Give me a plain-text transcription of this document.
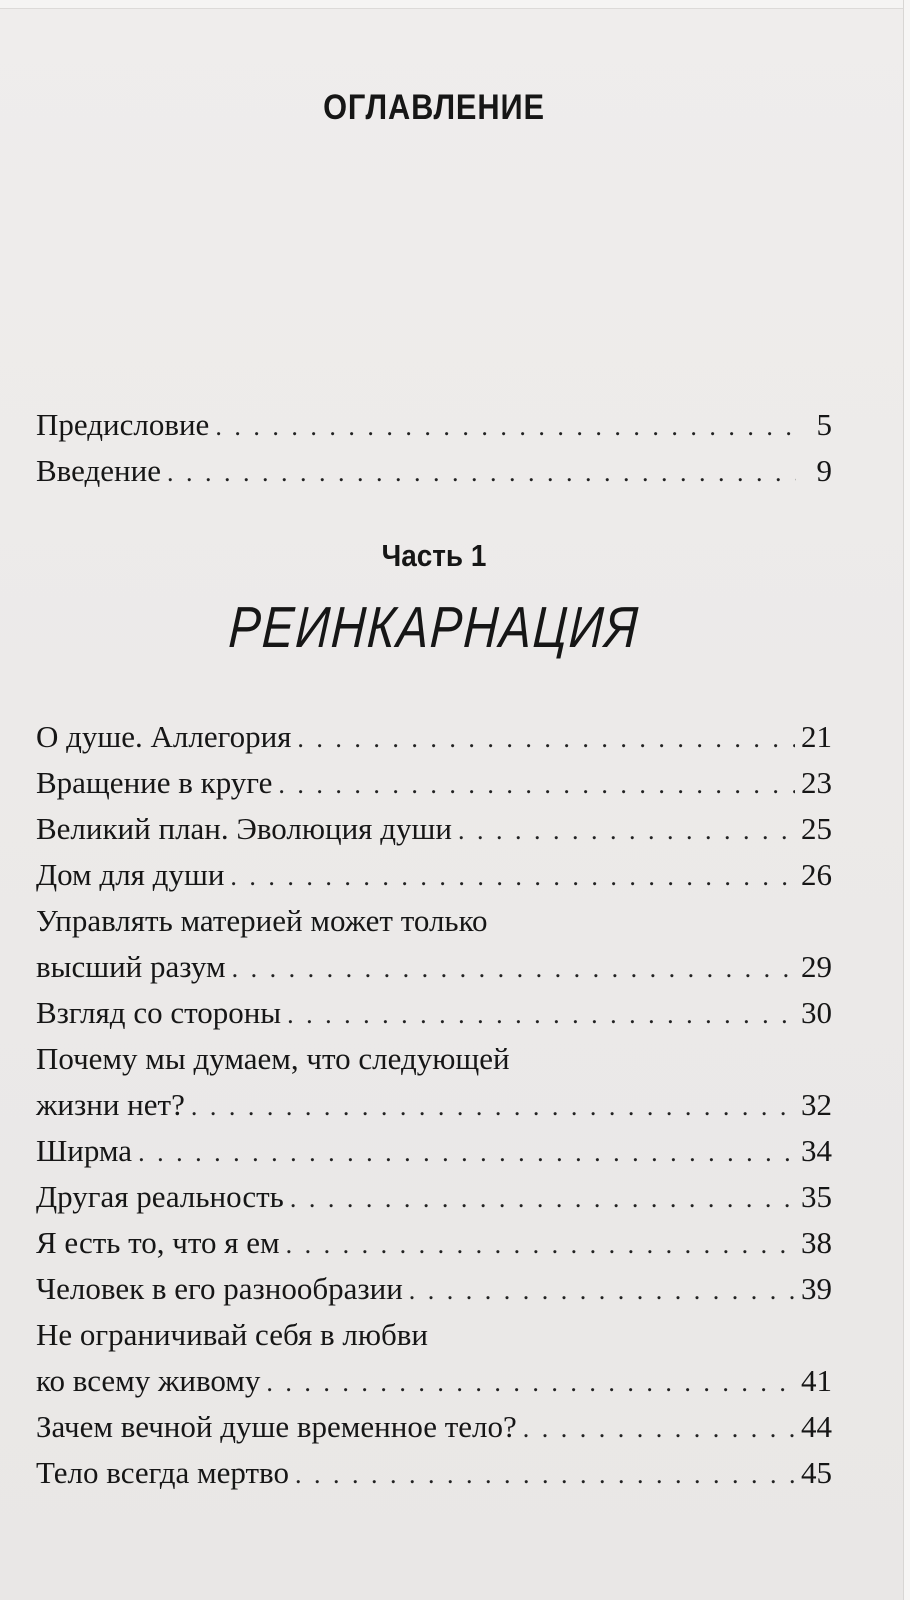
ОГЛАВЛЕНИЕ
Предисловие . . .	5
Введение . . .	9
Часть 1
РЕИНКАРНАЦИЯ
О душе. Аллегория . . .	21
Вращение в круге . . .	23
Великий план. Эволюция души . . .	25
Дом для души . . .	26
Управлять материей может только
высший разум . . .	29
Взгляд со стороны . . .	30
Почему мы думаем, что следующей
жизни нет? . . .	32
Ширма . . .	34
Другая реальность . . .	35
Я есть то, что я ем . . .	38
Человек в его разнообразии . . .	39
Не ограничивай себя в любви
ко всему живому . . .	41
Зачем вечной душе временное тело? . . .	44
Тело всегда мертво . . .	45
